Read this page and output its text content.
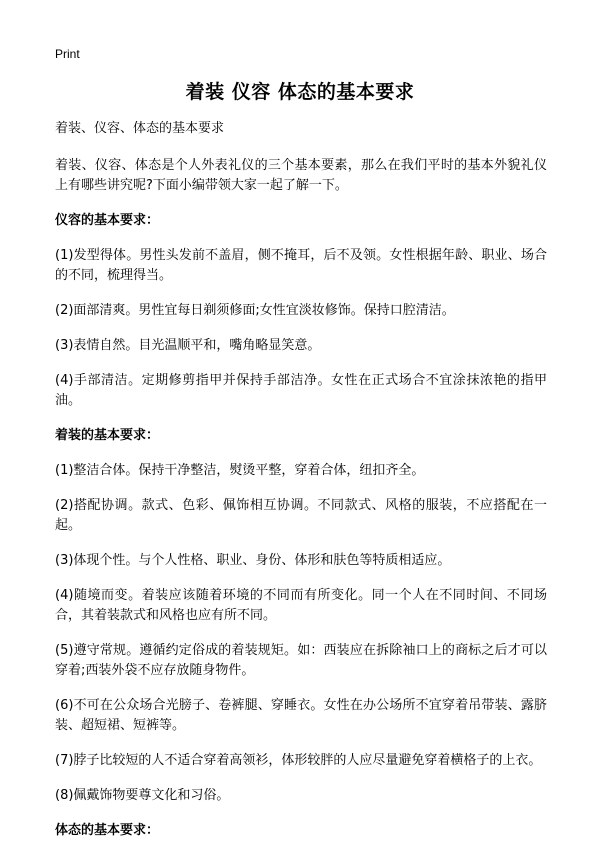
Print
着装 仪容 体态的基本要求

着装、仪容、体态的基本要求

着装、仪容、体态是个人外表礼仪的三个基本要素，那么在我们平时的基本外貌礼仪上有哪些讲究呢?下面小编带领大家一起了解一下。

仪容的基本要求：

(1)发型得体。男性头发前不盖眉，侧不掩耳，后不及领。女性根据年龄、职业、场合的不同，梳理得当。

(2)面部清爽。男性宜每日剃须修面;女性宜淡妆修饰。保持口腔清洁。

(3)表情自然。目光温顺平和，嘴角略显笑意。

(4)手部清洁。定期修剪指甲并保持手部洁净。女性在正式场合不宜涂抹浓艳的指甲油。

着装的基本要求：

(1)整洁合体。保持干净整洁，熨烫平整，穿着合体，纽扣齐全。

(2)搭配协调。款式、色彩、佩饰相互协调。不同款式、风格的服装，不应搭配在一起。

(3)体现个性。与个人性格、职业、身份、体形和肤色等特质相适应。

(4)随境而变。着装应该随着环境的不同而有所变化。同一个人在不同时间、不同场合，其着装款式和风格也应有所不同。

(5)遵守常规。遵循约定俗成的着装规矩。如：西装应在拆除袖口上的商标之后才可以穿着;西装外袋不应存放随身物件。

(6)不可在公众场合光膀子、卷裤腿、穿睡衣。女性在办公场所不宜穿着吊带装、露脐装、超短裙、短裤等。

(7)脖子比较短的人不适合穿着高领衫，体形较胖的人应尽量避免穿着横格子的上衣。

(8)佩戴饰物要尊文化和习俗。

体态的基本要求：
